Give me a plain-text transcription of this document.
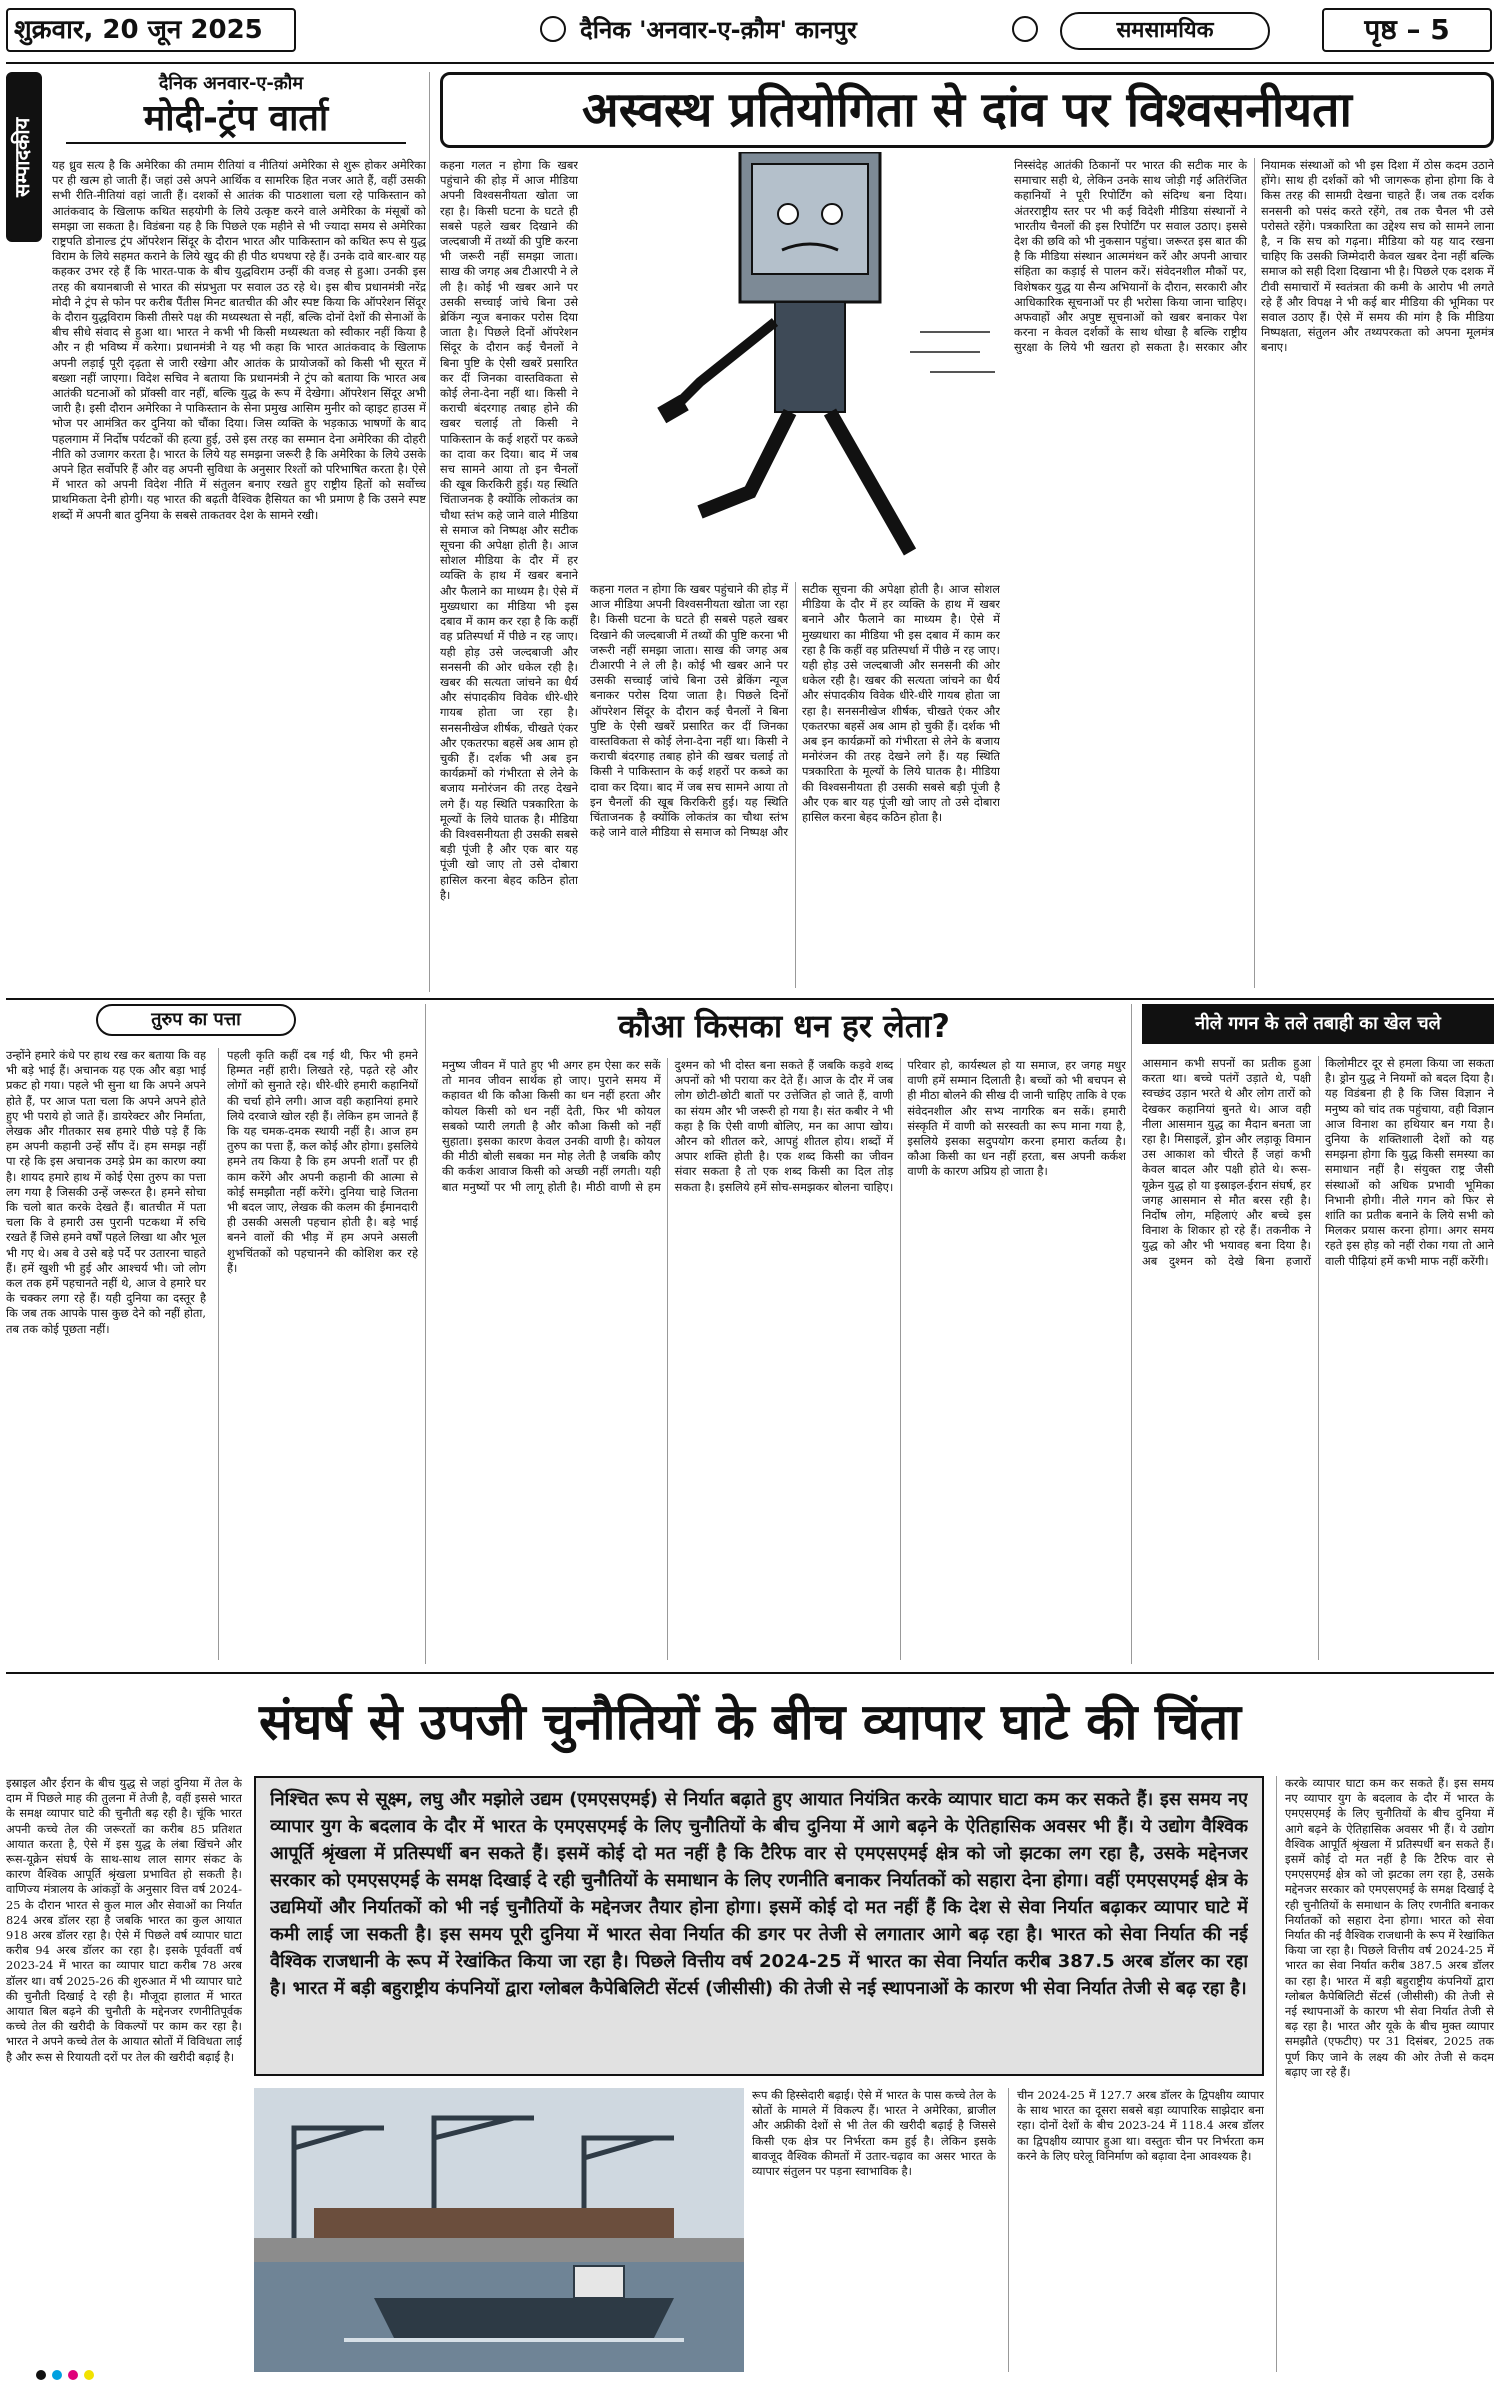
शुक्रवार, 20 जून 2025	दैनिक 'अनवार-ए-क़ौम' कानपुर	समसामयिक	पृष्ठ – 5
सम्पादकीय
दैनिक अनवार-ए-क़ौम
मोदी-ट्रंप वार्ता
यह ध्रुव सत्य है कि अमेरिका की तमाम रीतियां व नीतियां अमेरिका से शुरू होकर अमेरिका पर ही खत्म हो जाती हैं। जहां उसे अपने आर्थिक व सामरिक हित नजर आते हैं, वहीं उसकी सभी रीति-नीतियां वहां जाती हैं। दशकों से आतंक की पाठशाला चला रहे पाकिस्तान को आतंकवाद के खिलाफ कथित सहयोगी के लिये उत्कृष्ट करने वाले अमेरिका के मंसूबों को समझा जा सकता है। विडंबना यह है कि पिछले एक महीने से भी ज्यादा समय से अमेरिका राष्ट्रपति डोनाल्ड ट्रंप ऑपरेशन सिंदूर के दौरान भारत और पाकिस्तान को कथित रूप से युद्ध विराम के लिये सहमत कराने के लिये खुद की ही पीठ थपथपा रहे हैं। उनके दावे बार-बार यह कहकर उभर रहे हैं कि भारत-पाक के बीच युद्धविराम उन्हीं की वजह से हुआ। उनकी इस तरह की बयानबाजी से भारत की संप्रभुता पर सवाल उठ रहे थे। इस बीच प्रधानमंत्री नरेंद्र मोदी ने ट्रंप से फोन पर करीब पैंतीस मिनट बातचीत की और स्पष्ट किया कि ऑपरेशन सिंदूर के दौरान युद्धविराम किसी तीसरे पक्ष की मध्यस्थता से नहीं, बल्कि दोनों देशों की सेनाओं के बीच सीधे संवाद से हुआ था। भारत ने कभी भी किसी मध्यस्थता को स्वीकार नहीं किया है और न ही भविष्य में करेगा। प्रधानमंत्री ने यह भी कहा कि भारत आतंकवाद के खिलाफ अपनी लड़ाई पूरी दृढ़ता से जारी रखेगा और आतंक के प्रायोजकों को किसी भी सूरत में बख्शा नहीं जाएगा। विदेश सचिव ने बताया कि प्रधानमंत्री ने ट्रंप को बताया कि भारत अब आतंकी घटनाओं को प्रॉक्सी वार नहीं, बल्कि युद्ध के रूप में देखेगा। ऑपरेशन सिंदूर अभी जारी है। इसी दौरान अमेरिका ने पाकिस्तान के सेना प्रमुख आसिम मुनीर को व्हाइट हाउस में भोज पर आमंत्रित कर दुनिया को चौंका दिया। जिस व्यक्ति के भड़काऊ भाषणों के बाद पहलगाम में निर्दोष पर्यटकों की हत्या हुई, उसे इस तरह का सम्मान देना अमेरिका की दोहरी नीति को उजागर करता है। भारत के लिये यह समझना जरूरी है कि अमेरिका के लिये उसके अपने हित सर्वोपरि हैं और वह अपनी सुविधा के अनुसार रिश्तों को परिभाषित करता है। ऐसे में भारत को अपनी विदेश नीति में संतुलन बनाए रखते हुए राष्ट्रीय हितों को सर्वोच्च प्राथमिकता देनी होगी। यह भारत की बढ़ती वैश्विक हैसियत का भी प्रमाण है कि उसने स्पष्ट शब्दों में अपनी बात दुनिया के सबसे ताकतवर देश के सामने रखी।
अस्वस्थ प्रतियोगिता से दांव पर विश्वसनीयता
कहना गलत न होगा कि खबर पहुंचाने की होड़ में आज मीडिया अपनी विश्वसनीयता खोता जा रहा है। किसी घटना के घटते ही सबसे पहले खबर दिखाने की जल्दबाजी में तथ्यों की पुष्टि करना भी जरूरी नहीं समझा जाता। साख की जगह अब टीआरपी ने ले ली है। कोई भी खबर आने पर उसकी सच्चाई जांचे बिना उसे ब्रेकिंग न्यूज बनाकर परोस दिया जाता है। पिछले दिनों ऑपरेशन सिंदूर के दौरान कई चैनलों ने बिना पुष्टि के ऐसी खबरें प्रसारित कर दीं जिनका वास्तविकता से कोई लेना-देना नहीं था। किसी ने कराची बंदरगाह तबाह होने की खबर चलाई तो किसी ने पाकिस्तान के कई शहरों पर कब्जे का दावा कर दिया। बाद में जब सच सामने आया तो इन चैनलों की खूब किरकिरी हुई। यह स्थिति चिंताजनक है क्योंकि लोकतंत्र का चौथा स्तंभ कहे जाने वाले मीडिया से समाज को निष्पक्ष और सटीक सूचना की अपेक्षा होती है। आज सोशल मीडिया के दौर में हर व्यक्ति के हाथ में खबर बनाने और फैलाने का माध्यम है। ऐसे में मुख्यधारा का मीडिया भी इस दबाव में काम कर रहा है कि कहीं वह प्रतिस्पर्धा में पीछे न रह जाए। यही होड़ उसे जल्दबाजी और सनसनी की ओर धकेल रही है। खबर की सत्यता जांचने का धैर्य और संपादकीय विवेक धीरे-धीरे गायब होता जा रहा है। सनसनीखेज शीर्षक, चीखते एंकर और एकतरफा बहसें अब आम हो चुकी हैं। दर्शक भी अब इन कार्यक्रमों को गंभीरता से लेने के बजाय मनोरंजन की तरह देखने लगे हैं। यह स्थिति पत्रकारिता के मूल्यों के लिये घातक है। मीडिया की विश्वसनीयता ही उसकी सबसे बड़ी पूंजी है और एक बार यह पूंजी खो जाए तो उसे दोबारा हासिल करना बेहद कठिन होता है।
कहना गलत न होगा कि खबर पहुंचाने की होड़ में आज मीडिया अपनी विश्वसनीयता खोता जा रहा है। किसी घटना के घटते ही सबसे पहले खबर दिखाने की जल्दबाजी में तथ्यों की पुष्टि करना भी जरूरी नहीं समझा जाता। साख की जगह अब टीआरपी ने ले ली है। कोई भी खबर आने पर उसकी सच्चाई जांचे बिना उसे ब्रेकिंग न्यूज बनाकर परोस दिया जाता है। पिछले दिनों ऑपरेशन सिंदूर के दौरान कई चैनलों ने बिना पुष्टि के ऐसी खबरें प्रसारित कर दीं जिनका वास्तविकता से कोई लेना-देना नहीं था। किसी ने कराची बंदरगाह तबाह होने की खबर चलाई तो किसी ने पाकिस्तान के कई शहरों पर कब्जे का दावा कर दिया। बाद में जब सच सामने आया तो इन चैनलों की खूब किरकिरी हुई। यह स्थिति चिंताजनक है क्योंकि लोकतंत्र का चौथा स्तंभ कहे जाने वाले मीडिया से समाज को निष्पक्ष और सटीक सूचना की अपेक्षा होती है। आज सोशल मीडिया के दौर में हर व्यक्ति के हाथ में खबर बनाने और फैलाने का माध्यम है। ऐसे में मुख्यधारा का मीडिया भी इस दबाव में काम कर रहा है कि कहीं वह प्रतिस्पर्धा में पीछे न रह जाए। यही होड़ उसे जल्दबाजी और सनसनी की ओर धकेल रही है। खबर की सत्यता जांचने का धैर्य और संपादकीय विवेक धीरे-धीरे गायब होता जा रहा है। सनसनीखेज शीर्षक, चीखते एंकर और एकतरफा बहसें अब आम हो चुकी हैं। दर्शक भी अब इन कार्यक्रमों को गंभीरता से लेने के बजाय मनोरंजन की तरह देखने लगे हैं। यह स्थिति पत्रकारिता के मूल्यों के लिये घातक है। मीडिया की विश्वसनीयता ही उसकी सबसे बड़ी पूंजी है और एक बार यह पूंजी खो जाए तो उसे दोबारा हासिल करना बेहद कठिन होता है।
निस्संदेह आतंकी ठिकानों पर भारत की सटीक मार के समाचार सही थे, लेकिन उनके साथ जोड़ी गई अतिरंजित कहानियों ने पूरी रिपोर्टिंग को संदिग्ध बना दिया। अंतरराष्ट्रीय स्तर पर भी कई विदेशी मीडिया संस्थानों ने भारतीय चैनलों की इस रिपोर्टिंग पर सवाल उठाए। इससे देश की छवि को भी नुकसान पहुंचा। जरूरत इस बात की है कि मीडिया संस्थान आत्ममंथन करें और अपनी आचार संहिता का कड़ाई से पालन करें। संवेदनशील मौकों पर, विशेषकर युद्ध या सैन्य अभियानों के दौरान, सरकारी और आधिकारिक सूचनाओं पर ही भरोसा किया जाना चाहिए। अफवाहों और अपुष्ट सूचनाओं को खबर बनाकर पेश करना न केवल दर्शकों के साथ धोखा है बल्कि राष्ट्रीय सुरक्षा के लिये भी खतरा हो सकता है। सरकार और नियामक संस्थाओं को भी इस दिशा में ठोस कदम उठाने होंगे। साथ ही दर्शकों को भी जागरूक होना होगा कि वे किस तरह की सामग्री देखना चाहते हैं। जब तक दर्शक सनसनी को पसंद करते रहेंगे, तब तक चैनल भी उसे परोसते रहेंगे। पत्रकारिता का उद्देश्य सच को सामने लाना है, न कि सच को गढ़ना। मीडिया को यह याद रखना चाहिए कि उसकी जिम्मेदारी केवल खबर देना नहीं बल्कि समाज को सही दिशा दिखाना भी है। पिछले एक दशक में टीवी समाचारों में स्वतंत्रता की कमी के आरोप भी लगते रहे हैं और विपक्ष ने भी कई बार मीडिया की भूमिका पर सवाल उठाए हैं। ऐसे में समय की मांग है कि मीडिया निष्पक्षता, संतुलन और तथ्यपरकता को अपना मूलमंत्र बनाए।
तुरुप का पत्ता
उन्होंने हमारे कंधे पर हाथ रख कर बताया कि वह भी बड़े भाई हैं। अचानक यह एक और बड़ा भाई प्रकट हो गया। पहले भी सुना था कि अपने अपने होते हैं, पर आज पता चला कि अपने अपने होते हुए भी पराये हो जाते हैं। डायरेक्टर और निर्माता, लेखक और गीतकार सब हमारे पीछे पड़े हैं कि हम अपनी कहानी उन्हें सौंप दें। हम समझ नहीं पा रहे कि इस अचानक उमड़े प्रेम का कारण क्या है। शायद हमारे हाथ में कोई ऐसा तुरुप का पत्ता लग गया है जिसकी उन्हें जरूरत है। हमने सोचा कि चलो बात करके देखते हैं। बातचीत में पता चला कि वे हमारी उस पुरानी पटकथा में रुचि रखते हैं जिसे हमने वर्षों पहले लिखा था और भूल भी गए थे। अब वे उसे बड़े पर्दे पर उतारना चाहते हैं। हमें खुशी भी हुई और आश्चर्य भी। जो लोग कल तक हमें पहचानते नहीं थे, आज वे हमारे घर के चक्कर लगा रहे हैं। यही दुनिया का दस्तूर है कि जब तक आपके पास कुछ देने को नहीं होता, तब तक कोई पूछता नहीं।
पहली कृति कहीं दब गई थी, फिर भी हमने हिम्मत नहीं हारी। लिखते रहे, पढ़ते रहे और लोगों को सुनाते रहे। धीरे-धीरे हमारी कहानियों की चर्चा होने लगी। आज वही कहानियां हमारे लिये दरवाजे खोल रही हैं। लेकिन हम जानते हैं कि यह चमक-दमक स्थायी नहीं है। आज हम तुरुप का पत्ता हैं, कल कोई और होगा। इसलिये हमने तय किया है कि हम अपनी शर्तों पर ही काम करेंगे और अपनी कहानी की आत्मा से कोई समझौता नहीं करेंगे। दुनिया चाहे जितना भी बदल जाए, लेखक की कलम की ईमानदारी ही उसकी असली पहचान होती है। बड़े भाई बनने वालों की भीड़ में हम अपने असली शुभचिंतकों को पहचानने की कोशिश कर रहे हैं।
कौआ किसका धन हर लेता?
मनुष्य जीवन में पाते हुए भी अगर हम ऐसा कर सकें तो मानव जीवन सार्थक हो जाए। पुराने समय में कहावत थी कि कौआ किसी का धन नहीं हरता और कोयल किसी को धन नहीं देती, फिर भी कोयल सबको प्यारी लगती है और कौआ किसी को नहीं सुहाता। इसका कारण केवल उनकी वाणी है। कोयल की मीठी बोली सबका मन मोह लेती है जबकि कौए की कर्कश आवाज किसी को अच्छी नहीं लगती। यही बात मनुष्यों पर भी लागू होती है। मीठी वाणी से हम दुश्मन को भी दोस्त बना सकते हैं जबकि कड़वे शब्द अपनों को भी पराया कर देते हैं। आज के दौर में जब लोग छोटी-छोटी बातों पर उत्तेजित हो जाते हैं, वाणी का संयम और भी जरूरी हो गया है। संत कबीर ने भी कहा है कि ऐसी वाणी बोलिए, मन का आपा खोय। औरन को शीतल करे, आपहुं शीतल होय। शब्दों में अपार शक्ति होती है। एक शब्द किसी का जीवन संवार सकता है तो एक शब्द किसी का दिल तोड़ सकता है। इसलिये हमें सोच-समझकर बोलना चाहिए। परिवार हो, कार्यस्थल हो या समाज, हर जगह मधुर वाणी हमें सम्मान दिलाती है। बच्चों को भी बचपन से ही मीठा बोलने की सीख दी जानी चाहिए ताकि वे एक संवेदनशील और सभ्य नागरिक बन सकें। हमारी संस्कृति में वाणी को सरस्वती का रूप माना गया है, इसलिये इसका सदुपयोग करना हमारा कर्तव्य है। कौआ किसी का धन नहीं हरता, बस अपनी कर्कश वाणी के कारण अप्रिय हो जाता है।
नीले गगन के तले तबाही का खेल चले
आसमान कभी सपनों का प्रतीक हुआ करता था। बच्चे पतंगें उड़ाते थे, पक्षी स्वच्छंद उड़ान भरते थे और लोग तारों को देखकर कहानियां बुनते थे। आज वही नीला आसमान युद्ध का मैदान बनता जा रहा है। मिसाइलें, ड्रोन और लड़ाकू विमान उस आकाश को चीरते हैं जहां कभी केवल बादल और पक्षी होते थे। रूस-यूक्रेन युद्ध हो या इस्राइल-ईरान संघर्ष, हर जगह आसमान से मौत बरस रही है। निर्दोष लोग, महिलाएं और बच्चे इस विनाश के शिकार हो रहे हैं। तकनीक ने युद्ध को और भी भयावह बना दिया है। अब दुश्मन को देखे बिना हजारों किलोमीटर दूर से हमला किया जा सकता है। ड्रोन युद्ध ने नियमों को बदल दिया है। यह विडंबना ही है कि जिस विज्ञान ने मनुष्य को चांद तक पहुंचाया, वही विज्ञान आज विनाश का हथियार बन गया है। दुनिया के शक्तिशाली देशों को यह समझना होगा कि युद्ध किसी समस्या का समाधान नहीं है। संयुक्त राष्ट्र जैसी संस्थाओं को अधिक प्रभावी भूमिका निभानी होगी। नीले गगन को फिर से शांति का प्रतीक बनाने के लिये सभी को मिलकर प्रयास करना होगा। अगर समय रहते इस होड़ को नहीं रोका गया तो आने वाली पीढ़ियां हमें कभी माफ नहीं करेंगी।
संघर्ष से उपजी चुनौतियों के बीच व्यापार घाटे की चिंता
इस्राइल और ईरान के बीच युद्ध से जहां दुनिया में तेल के दाम में पिछले माह की तुलना में तेजी है, वहीं इससे भारत के समक्ष व्यापार घाटे की चुनौती बढ़ रही है। चूंकि भारत अपनी कच्चे तेल की जरूरतों का करीब 85 प्रतिशत आयात करता है, ऐसे में इस युद्ध के लंबा खिंचने और रूस-यूक्रेन संघर्ष के साथ-साथ लाल सागर संकट के कारण वैश्विक आपूर्ति श्रृंखला प्रभावित हो सकती है। वाणिज्य मंत्रालय के आंकड़ों के अनुसार वित्त वर्ष 2024-25 के दौरान भारत से कुल माल और सेवाओं का निर्यात 824 अरब डॉलर रहा है जबकि भारत का कुल आयात 918 अरब डॉलर रहा है। ऐसे में पिछले वर्ष व्यापार घाटा करीब 94 अरब डॉलर का रहा है। इसके पूर्ववर्ती वर्ष 2023-24 में भारत का व्यापार घाटा करीब 78 अरब डॉलर था। वर्ष 2025-26 की शुरुआत में भी व्यापार घाटे की चुनौती दिखाई दे रही है। मौजूदा हालात में भारत आयात बिल बढ़ने की चुनौती के मद्देनजर रणनीतिपूर्वक कच्चे तेल की खरीदी के विकल्पों पर काम कर रहा है। भारत ने अपने कच्चे तेल के आयात स्रोतों में विविधता लाई है और रूस से रियायती दरों पर तेल की खरीदी बढ़ाई है।
निश्चित रूप से सूक्ष्म, लघु और मझोले उद्यम (एमएसएमई) से निर्यात बढ़ाते हुए आयात नियंत्रित करके व्यापार घाटा कम कर सकते हैं। इस समय नए व्यापार युग के बदलाव के दौर में भारत के एमएसएमई के लिए चुनौतियों के बीच दुनिया में आगे बढ़ने के ऐतिहासिक अवसर भी हैं। ये उद्योग वैश्विक आपूर्ति श्रृंखला में प्रतिस्पर्धी बन सकते हैं। इसमें कोई दो मत नहीं है कि टैरिफ वार से एमएसएमई क्षेत्र को जो झटका लग रहा है, उसके मद्देनजर सरकार को एमएसएमई के समक्ष दिखाई दे रही चुनौतियों के समाधान के लिए रणनीति बनाकर निर्यातकों को सहारा देना होगा। वहीं एमएसएमई क्षेत्र के उद्यमियों और निर्यातकों को भी नई चुनौतियों के मद्देनजर तैयार होना होगा। इसमें कोई दो मत नहीं हैं कि देश से सेवा निर्यात बढ़ाकर व्यापार घाटे में कमी लाई जा सकती है। इस समय पूरी दुनिया में भारत सेवा निर्यात की डगर पर तेजी से लगातार आगे बढ़ रहा है। भारत को सेवा निर्यात की नई वैश्विक राजधानी के रूप में रेखांकित किया जा रहा है। पिछले वित्तीय वर्ष 2024-25 में भारत का सेवा निर्यात करीब 387.5 अरब डॉलर का रहा है। भारत में बड़ी बहुराष्ट्रीय कंपनियों द्वारा ग्लोबल कैपेबिलिटी सेंटर्स (जीसीसी) की तेजी से नई स्थापनाओं के कारण भी सेवा निर्यात तेजी से बढ़ रहा है।
रूप की हिस्सेदारी बढ़ाई। ऐसे में भारत के पास कच्चे तेल के स्रोतों के मामले में विकल्प हैं। भारत ने अमेरिका, ब्राजील और अफ्रीकी देशों से भी तेल की खरीदी बढ़ाई है जिससे किसी एक क्षेत्र पर निर्भरता कम हुई है। लेकिन इसके बावजूद वैश्विक कीमतों में उतार-चढ़ाव का असर भारत के व्यापार संतुलन पर पड़ना स्वाभाविक है।
चीन 2024-25 में 127.7 अरब डॉलर के द्विपक्षीय व्यापार के साथ भारत का दूसरा सबसे बड़ा व्यापारिक साझेदार बना रहा। दोनों देशों के बीच 2023-24 में 118.4 अरब डॉलर का द्विपक्षीय व्यापार हुआ था। वस्तुतः चीन पर निर्भरता कम करने के लिए घरेलू विनिर्माण को बढ़ावा देना आवश्यक है।
करके व्यापार घाटा कम कर सकते हैं। इस समय नए व्यापार युग के बदलाव के दौर में भारत के एमएसएमई के लिए चुनौतियों के बीच दुनिया में आगे बढ़ने के ऐतिहासिक अवसर भी हैं। ये उद्योग वैश्विक आपूर्ति श्रृंखला में प्रतिस्पर्धी बन सकते हैं। इसमें कोई दो मत नहीं है कि टैरिफ वार से एमएसएमई क्षेत्र को जो झटका लग रहा है, उसके मद्देनजर सरकार को एमएसएमई के समक्ष दिखाई दे रही चुनौतियों के समाधान के लिए रणनीति बनाकर निर्यातकों को सहारा देना होगा। भारत को सेवा निर्यात की नई वैश्विक राजधानी के रूप में रेखांकित किया जा रहा है। पिछले वित्तीय वर्ष 2024-25 में भारत का सेवा निर्यात करीब 387.5 अरब डॉलर का रहा है। भारत में बड़ी बहुराष्ट्रीय कंपनियों द्वारा ग्लोबल कैपेबिलिटी सेंटर्स (जीसीसी) की तेजी से नई स्थापनाओं के कारण भी सेवा निर्यात तेजी से बढ़ रहा है। भारत और यूके के बीच मुक्त व्यापार समझौते (एफटीए) पर 31 दिसंबर, 2025 तक पूर्ण किए जाने के लक्ष्य की ओर तेजी से कदम बढ़ाए जा रहे हैं।
